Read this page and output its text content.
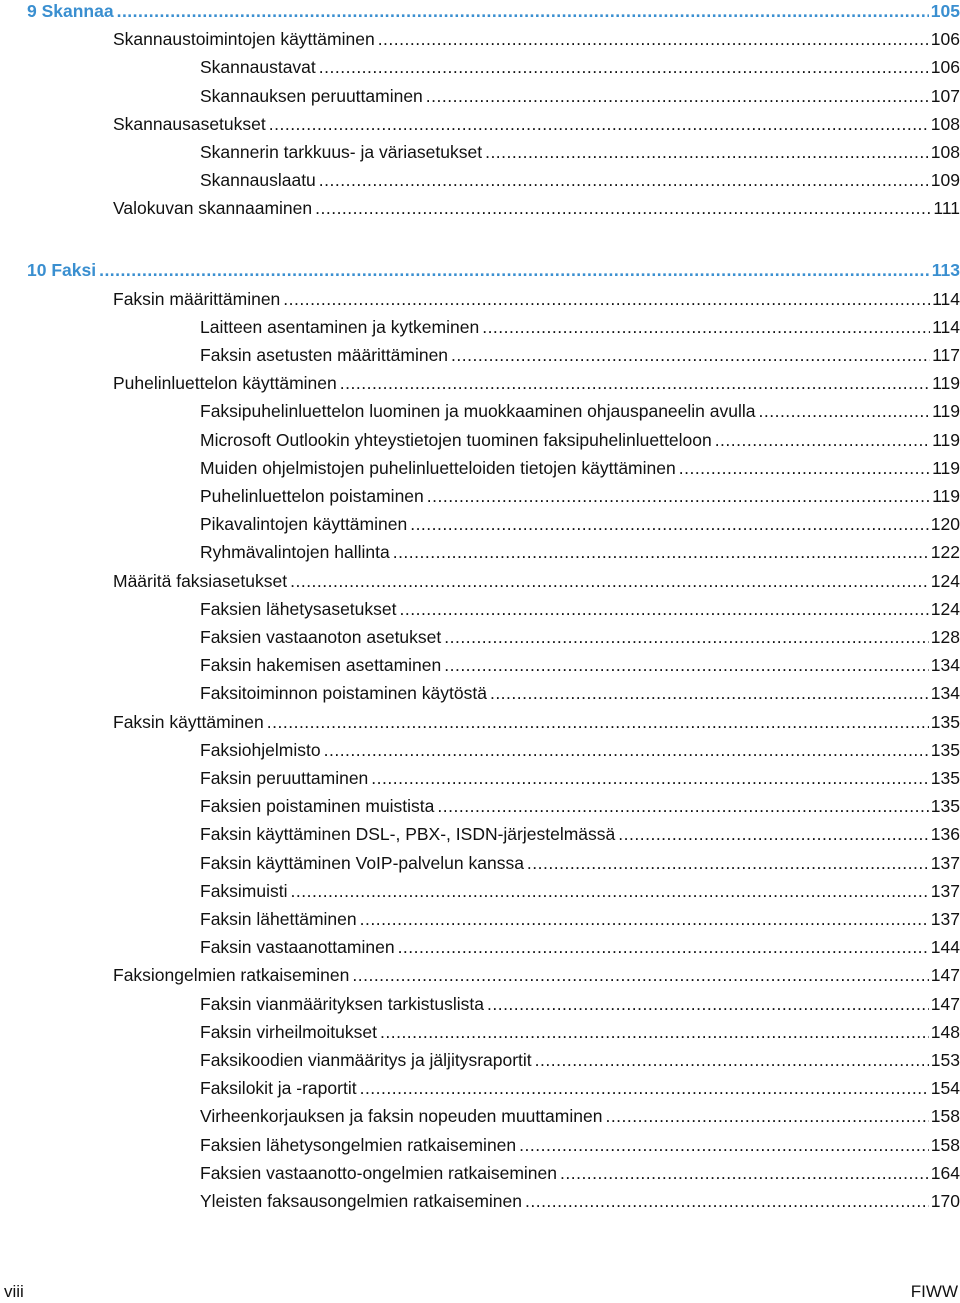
9 Skannaa .....	105
Skannaustoimintojen käyttäminen .....	106
Skannaustavat .....	106
Skannauksen peruuttaminen .....	107
Skannausasetukset .....	108
Skannerin tarkkuus- ja väriasetukset .....	108
Skannauslaatu .....	109
Valokuvan skannaaminen .....	111
10 Faksi .....	113
Faksin määrittäminen .....	114
Laitteen asentaminen ja kytkeminen .....	114
Faksin asetusten määrittäminen .....	117
Puhelinluettelon käyttäminen .....	119
Faksipuhelinluettelon luominen ja muokkaaminen ohjauspaneelin avulla .....	119
Microsoft Outlookin yhteystietojen tuominen faksipuhelinluetteloon .....	119
Muiden ohjelmistojen puhelinluetteloiden tietojen käyttäminen .....	119
Puhelinluettelon poistaminen .....	119
Pikavalintojen käyttäminen .....	120
Ryhmävalintojen hallinta .....	122
Määritä faksiasetukset .....	124
Faksien lähetysasetukset .....	124
Faksien vastaanoton asetukset .....	128
Faksin hakemisen asettaminen .....	134
Faksitoiminnon poistaminen käytöstä .....	134
Faksin käyttäminen .....	135
Faksiohjelmisto .....	135
Faksin peruuttaminen .....	135
Faksien poistaminen muistista .....	135
Faksin käyttäminen DSL-, PBX-, ISDN-järjestelmässä .....	136
Faksin käyttäminen VoIP-palvelun kanssa .....	137
Faksimuisti .....	137
Faksin lähettäminen .....	137
Faksin vastaanottaminen .....	144
Faksiongelmien ratkaiseminen .....	147
Faksin vianmäärityksen tarkistuslista .....	147
Faksin virheilmoitukset .....	148
Faksikoodien vianmääritys ja jäljitysraportit .....	153
Faksilokit ja -raportit .....	154
Virheenkorjauksen ja faksin nopeuden muuttaminen .....	158
Faksien lähetysongelmien ratkaiseminen .....	158
Faksien vastaanotto-ongelmien ratkaiseminen .....	164
Yleisten faksausongelmien ratkaiseminen .....	170
viii	FIWW
